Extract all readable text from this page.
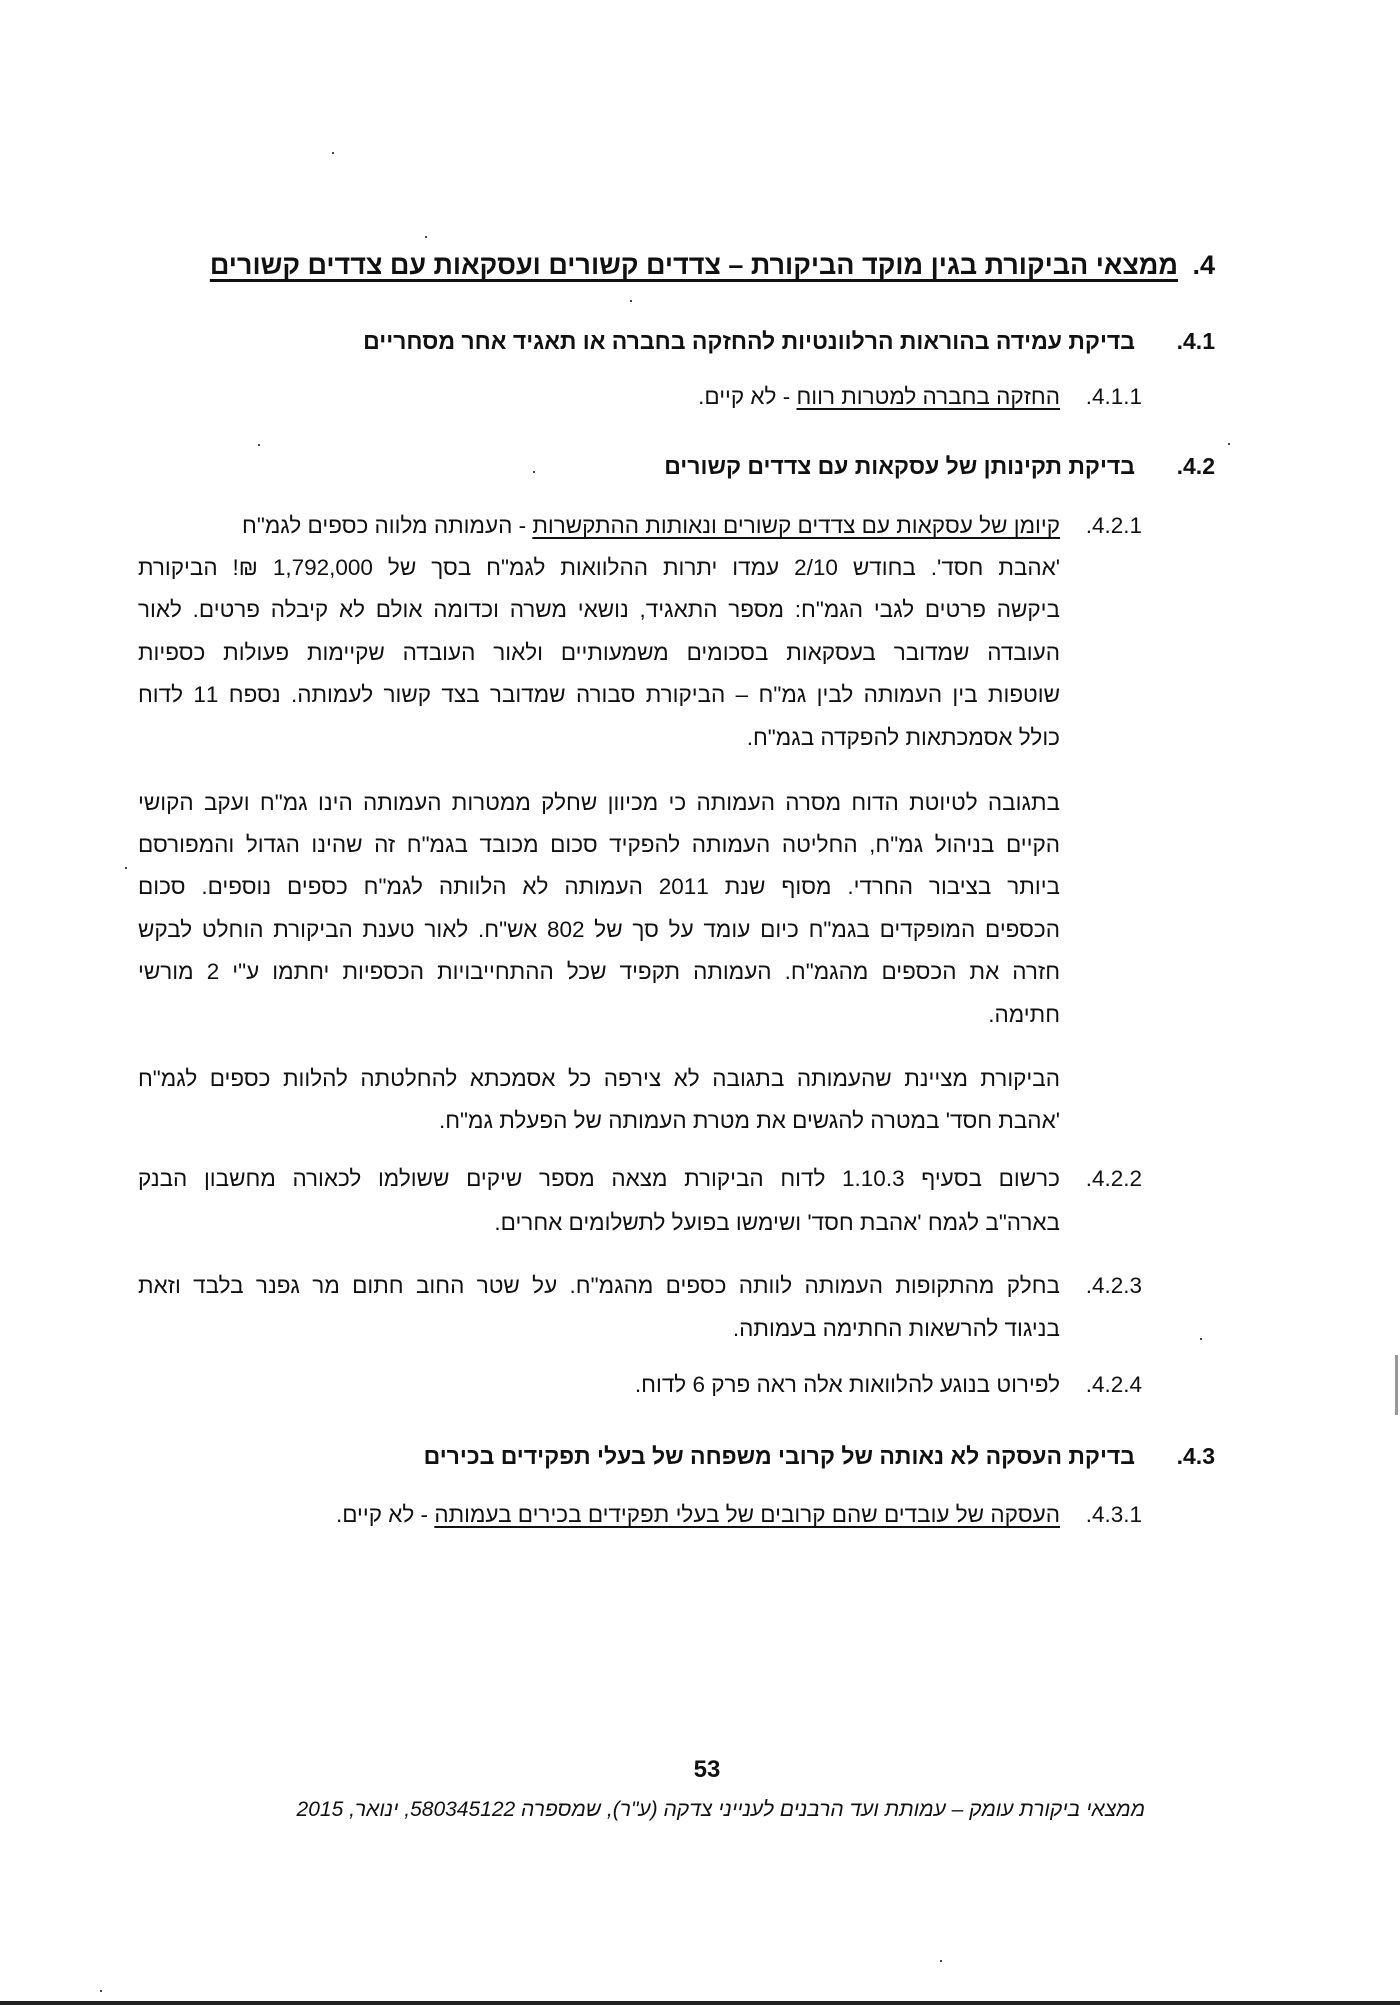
.4
ממצאי הביקורת בגין מוקד הביקורת – צדדים קשורים ועסקאות עם צדדים קשורים
.4.1
בדיקת עמידה בהוראות הרלוונטיות להחזקה בחברה או תאגיד אחר מסחריים
.4.1.1
החזקה בחברה למטרות רווח - לא קיים.
.4.2
בדיקת תקינותן של עסקאות עם צדדים קשורים
.4.2.1
קיומן של עסקאות עם צדדים קשורים ונאותות ההתקשרות - העמותה מלווה כספים לגמ"ח
'אהבת חסד'. בחודש 2/10 עמדו יתרות ההלוואות לגמ"ח בסך של 1,792,000 ₪! הביקורת
ביקשה פרטים לגבי הגמ"ח: מספר התאגיד, נושאי משרה וכדומה אולם לא קיבלה פרטים. לאור
העובדה שמדובר בעסקאות בסכומים משמעותיים ולאור העובדה שקיימות פעולות כספיות
שוטפות בין העמותה לבין גמ"ח – הביקורת סבורה שמדובר בצד קשור לעמותה. נספח 11 לדוח
כולל אסמכתאות להפקדה בגמ"ח.
בתגובה לטיוטת הדוח מסרה העמותה כי מכיוון שחלק ממטרות העמותה הינו גמ"ח ועקב הקושי
הקיים בניהול גמ"ח, החליטה העמותה להפקיד סכום מכובד בגמ"ח זה שהינו הגדול והמפורסם
ביותר בציבור החרדי. מסוף שנת 2011 העמותה לא הלוותה לגמ"ח כספים נוספים. סכום
הכספים המופקדים בגמ"ח כיום עומד על סך של 802 אש"ח. לאור טענת הביקורת הוחלט לבקש
חזרה את הכספים מהגמ"ח. העמותה תקפיד שכל ההתחייבויות הכספיות יחתמו ע"י 2 מורשי
חתימה.
הביקורת מציינת שהעמותה בתגובה לא צירפה כל אסמכתא להחלטתה להלוות כספים לגמ"ח
'אהבת חסד' במטרה להגשים את מטרת העמותה של הפעלת גמ"ח.
.4.2.2
כרשום בסעיף 1.10.3 לדוח הביקורת מצאה מספר שיקים ששולמו לכאורה מחשבון הבנק
בארה"ב לגמח 'אהבת חסד' ושימשו בפועל לתשלומים אחרים.
.4.2.3
בחלק מהתקופות העמותה לוותה כספים מהגמ"ח. על שטר החוב חתום מר גפנר בלבד וזאת
בניגוד להרשאות החתימה בעמותה.
.4.2.4
לפירוט בנוגע להלוואות אלה ראה פרק 6 לדוח.
.4.3
בדיקת העסקה לא נאותה של קרובי משפחה של בעלי תפקידים בכירים
.4.3.1
העסקה של עובדים שהם קרובים של בעלי תפקידים בכירים בעמותה - לא קיים.
53
ממצאי ביקורת עומק – עמותת ועד הרבנים לענייני צדקה (ע"ר), שמספרה 580345122, ינואר, 2015
